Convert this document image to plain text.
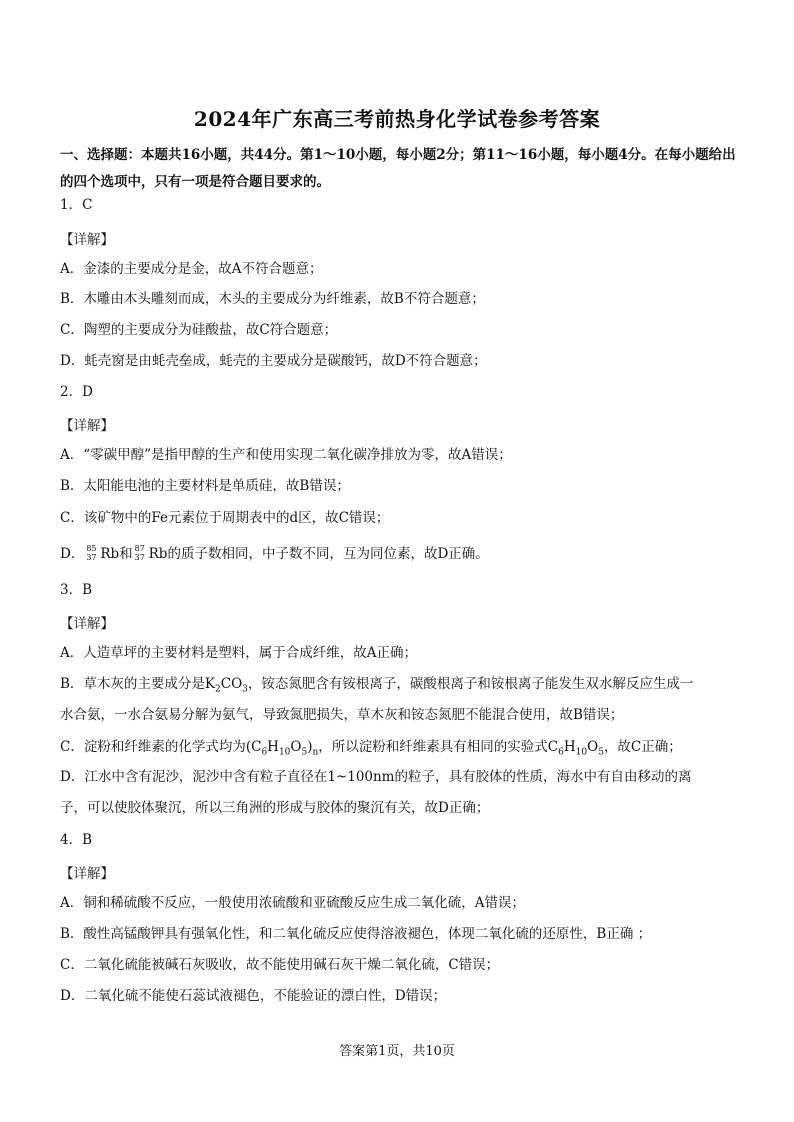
2024年广东高三考前热身化学试卷参考答案
一、选择题：本题共16小题，共44分。第1～10小题，每小题2分；第11～16小题，每小题4分。在每小题给出的四个选项中，只有一项是符合题目要求的。
1．C
【详解】
A．金漆的主要成分是金，故A不符合题意；
B．木雕由木头雕刻而成，木头的主要成分为纤维素，故B不符合题意；
C．陶塑的主要成分为硅酸盐，故C符合题意；
D．蚝壳窗是由蚝壳垒成，蚝壳的主要成分是碳酸钙，故D不符合题意；
2．D
【详解】
A．“零碳甲醇”是指甲醇的生产和使用实现二氧化碳净排放为零，故A错误；
B．太阳能电池的主要材料是单质硅，故B错误；
C．该矿物中的Fe元素位于周期表中的d区，故C错误；
D． 85
37 Rb和 87
37 Rb的质子数相同，中子数不同，互为同位素，故D正确。
3．B
【详解】
A．人造草坪的主要材料是塑料，属于合成纤维，故A正确；
B．草木灰的主要成分是$K_2CO_3$，铵态氮肥含有铵根离子，碳酸根离子和铵根离子能发生双水解反应生成一
水合氨，一水合氨易分解为氨气，导致氮肥损失，草木灰和铵态氮肥不能混合使用，故B错误；
C．淀粉和纤维素的化学式均为$(C_6H_{10}O_5)_n$，所以淀粉和纤维素具有相同的实验式$C_6H_{10}O_5$，故C正确；
D．江水中含有泥沙，泥沙中含有粒子直径在1~100nm的粒子，具有胶体的性质，海水中有自由移动的离
子，可以使胶体聚沉，所以三角洲的形成与胶体的聚沉有关，故D正确；
4．B
【详解】
A．铜和稀硫酸不反应，一般使用浓硫酸和亚硫酸反应生成二氧化硫，A错误；
B．酸性高锰酸钾具有强氧化性，和二氧化硫反应使得溶液褪色，体现二氧化硫的还原性，B正确 ；
C．二氧化硫能被碱石灰吸收，故不能使用碱石灰干燥二氧化硫，C错误；
D．二氧化硫不能使石蕊试液褪色，不能验证的漂白性，D错误；
答案第1页，共10页
